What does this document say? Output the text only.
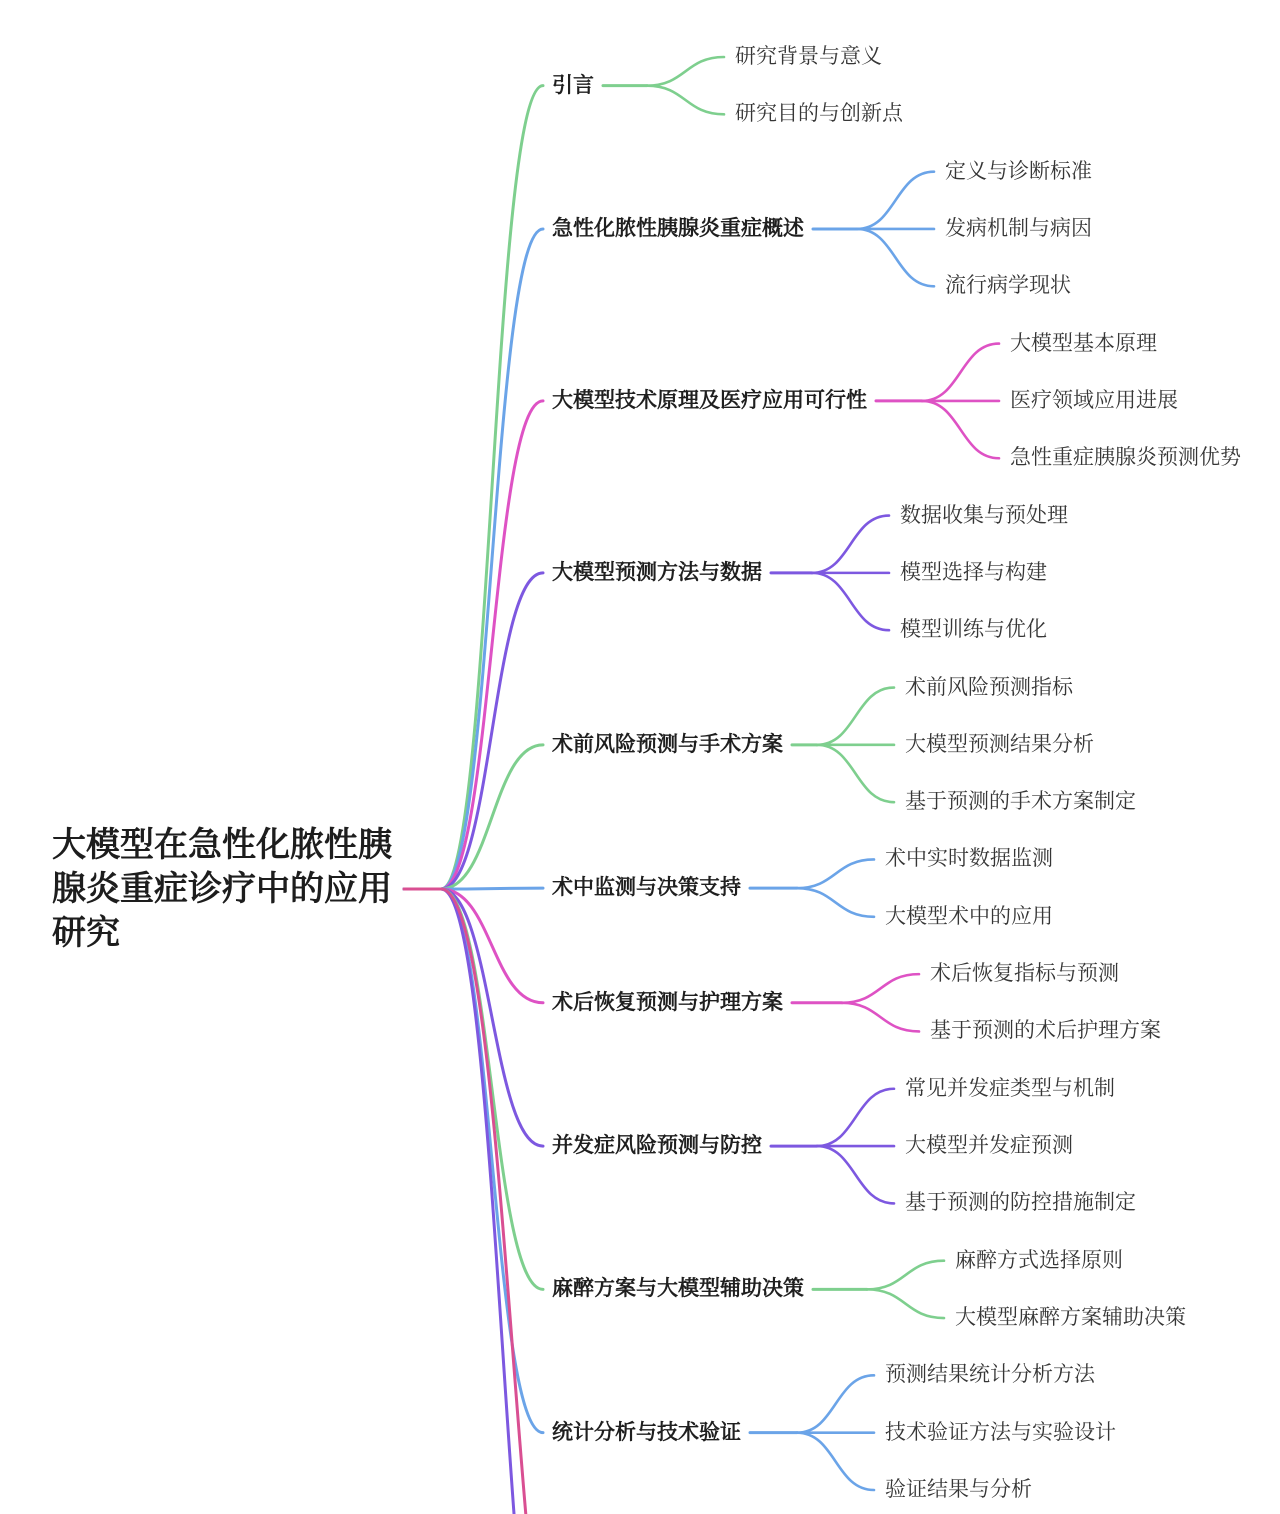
大模型在急性化脓性胰腺炎重症诊疗中的应用研究
引言
研究背景与意义
研究目的与创新点
急性化脓性胰腺炎重症概述
定义与诊断标准
发病机制与病因
流行病学现状
大模型技术原理及医疗应用可行性
大模型基本原理
医疗领域应用进展
急性重症胰腺炎预测优势
大模型预测方法与数据
数据收集与预处理
模型选择与构建
模型训练与优化
术前风险预测与手术方案
术前风险预测指标
大模型预测结果分析
基于预测的手术方案制定
术中监测与决策支持
术中实时数据监测
大模型术中的应用
术后恢复预测与护理方案
术后恢复指标与预测
基于预测的术后护理方案
并发症风险预测与防控
常见并发症类型与机制
大模型并发症预测
基于预测的防控措施制定
麻醉方案与大模型辅助决策
麻醉方式选择原则
大模型麻醉方案辅助决策
统计分析与技术验证
预测结果统计分析方法
技术验证方法与实验设计
验证结果与分析
